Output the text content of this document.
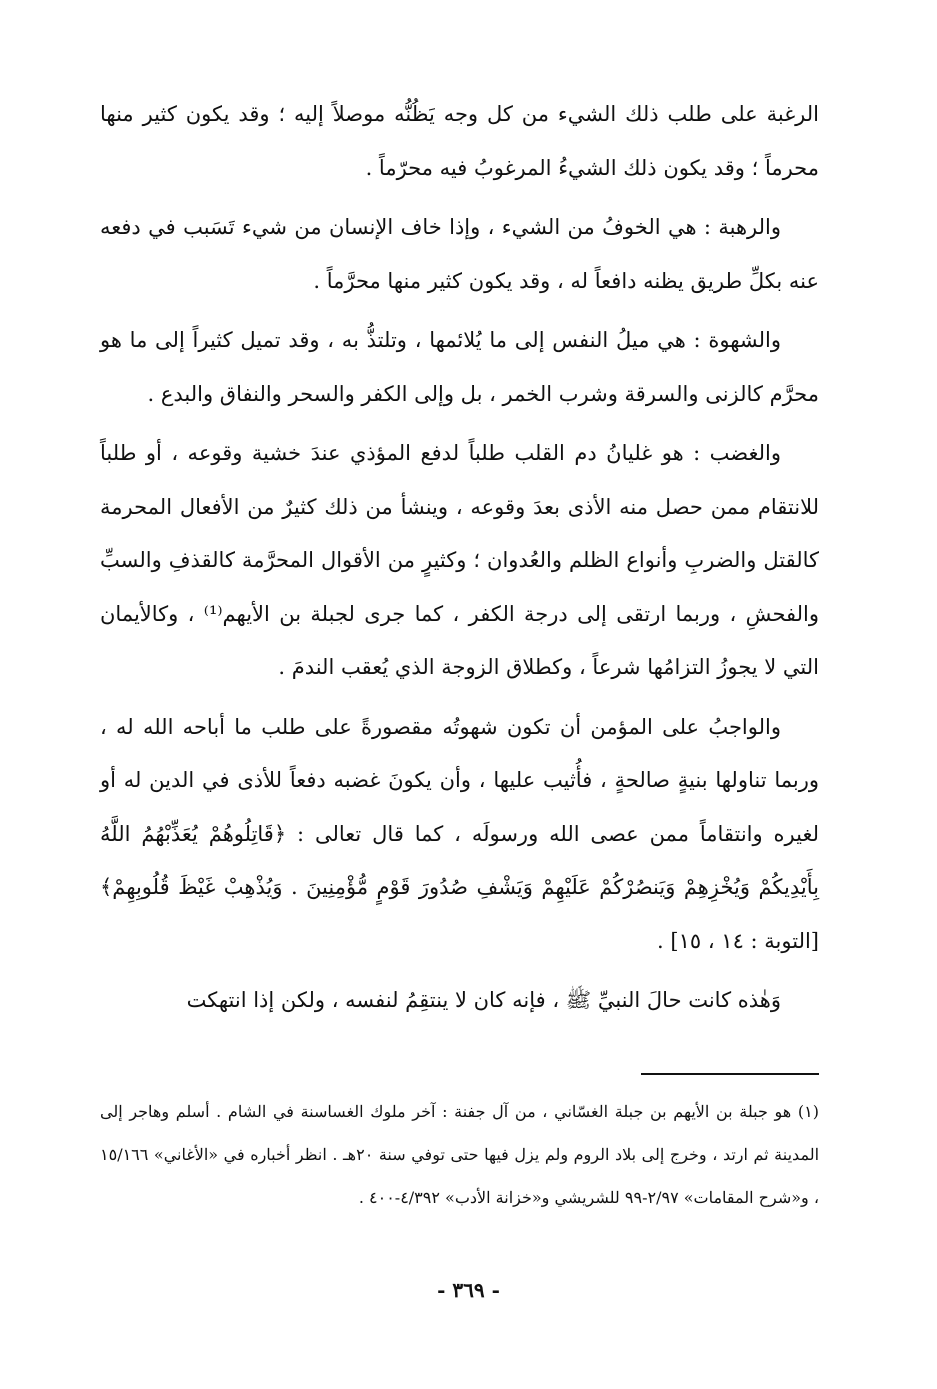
الرغبة على طلب ذلك الشيء من كل وجه يَظُنُّه موصلاً إليه ؛ وقد يكون كثير منها محرماً ؛ وقد يكون ذلك الشيءُ المرغوبُ فيه محرّماً .

والرهبة : هي الخوفُ من الشيء ، وإذا خاف الإنسان من شيء تَسَبب في دفعه عنه بكلِّ طريق يظنه دافعاً له ، وقد يكون كثير منها محرَّماً .

والشهوة : هي ميلُ النفس إلى ما يُلائمها ، وتلتذُّ به ، وقد تميل كثيراً إلى ما هو محرَّم كالزنى والسرقة وشرب الخمر ، بل وإلى الكفر والسحر والنفاق والبدع .

والغضب : هو غليانُ دم القلب طلباً لدفع المؤذي عندَ خشية وقوعه ، أو طلباً للانتقام ممن حصل منه الأذى بعدَ وقوعه ، وينشأ من ذلك كثيرٌ من الأفعال المحرمة كالقتل والضربِ وأنواع الظلم والعُدوان ؛ وكثيرٍ من الأقوال المحرَّمة كالقذفِ والسبِّ والفحشِ ، وربما ارتقى إلى درجة الكفر ، كما جرى لجبلة بن الأيهم⁽¹⁾ ، وكالأيمان التي لا يجوزُ التزامُها شرعاً ، وكطلاق الزوجة الذي يُعقب الندمَ .

والواجبُ على المؤمن أن تكون شهوتُه مقصورةً على طلب ما أباحه الله له ، وربما تناولها بنيةٍ صالحةٍ ، فأُثيب عليها ، وأن يكونَ غضبه دفعاً للأذى في الدين له أو لغيره وانتقاماً ممن عصى الله ورسولَه ، كما قال تعالى : ﴿قَاتِلُوهُمْ يُعَذِّبْهُمُ اللَّهُ بِأَيْدِيكُمْ وَيُخْزِهِمْ وَيَنصُرْكُمْ عَلَيْهِمْ وَيَشْفِ صُدُورَ قَوْمٍ مُّؤْمِنِينَ . وَيُذْهِبْ غَيْظَ قُلُوبِهِمْ﴾ [التوبة : ١٤ ، ١٥] .

وَهٰذه كانت حالَ النبيِّ ﷺ ، فإنه كان لا ينتقِمُ لنفسه ، ولكن إذا انتهكت

(١) هو جبلة بن الأيهم بن جبلة الغسّاني ، من آل جفنة : آخر ملوك الغساسنة في الشام . أسلم وهاجر إلى المدينة ثم ارتد ، وخرج إلى بلاد الروم ولم يزل فيها حتى توفي سنة ٢٠هـ . انظر أخباره في «الأغاني» ١٥/١٦٦ ، و«شرح المقامات» ٢/٩٧-٩٩ للشريشي و«خزانة الأدب» ٤/٣٩٢-٤٠٠ .
- ٣٦٩ -
